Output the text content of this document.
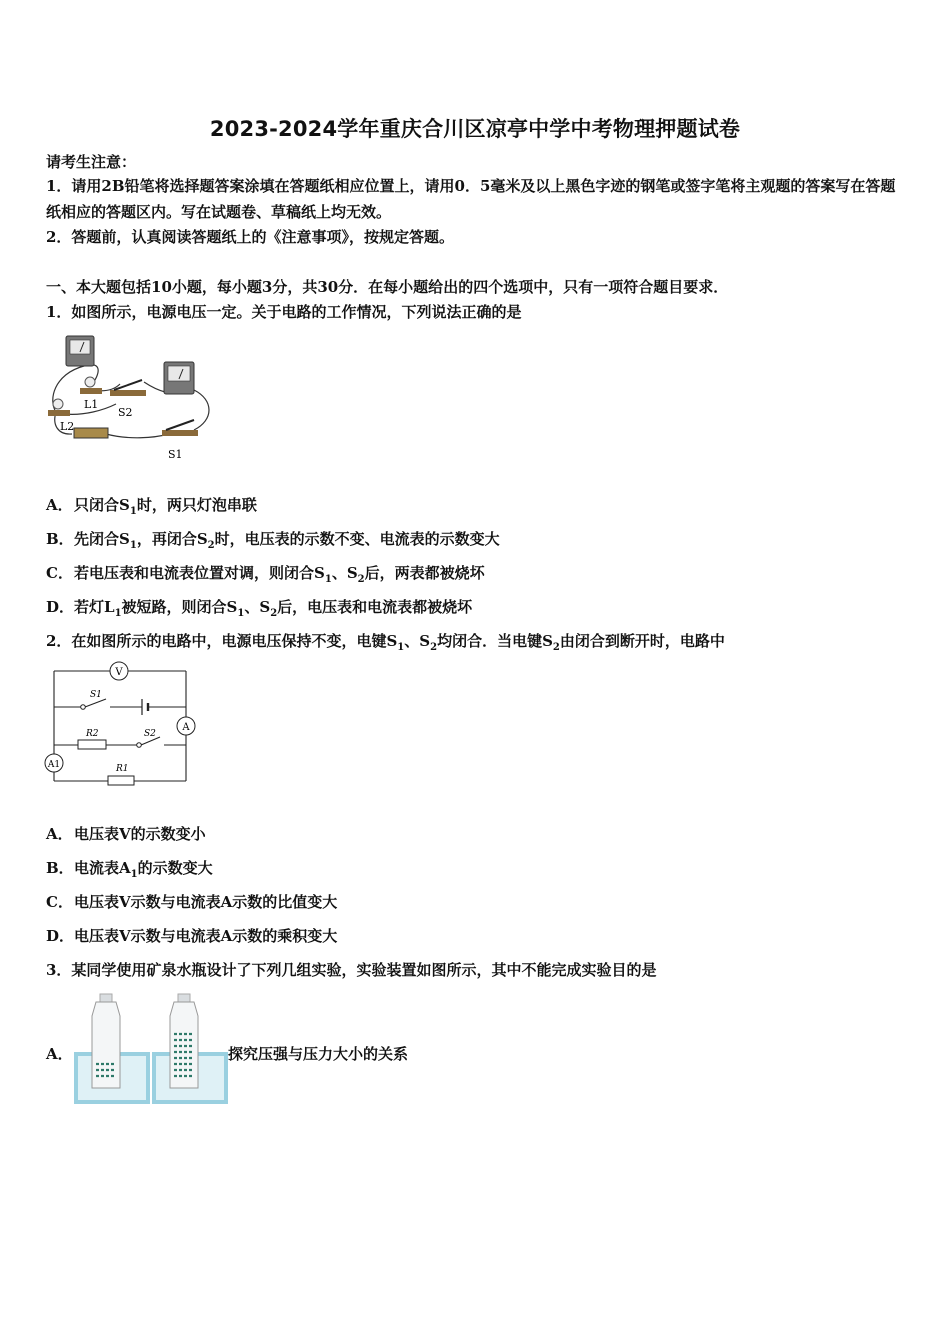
2023-2024学年重庆合川区凉亭中学中考物理押题试卷
请考生注意：
1．请用2B铅笔将选择题答案涂填在答题纸相应位置上，请用0．5毫米及以上黑色字迹的钢笔或签字笔将主观题的答案写在答题纸相应的答题区内。写在试题卷、草稿纸上均无效。
2．答题前，认真阅读答题纸上的《注意事项》，按规定答题。
一、本大题包括10小题，每小题3分，共30分．在每小题给出的四个选项中，只有一项符合题目要求．
1．如图所示，电源电压一定。关于电路的工作情况，下列说法正确的是
L1
L2
S2
S1
A．只闭合$S_1$时，两只灯泡串联
B．先闭合$S_1$，再闭合$S_2$时，电压表的示数不变、电流表的示数变大
C．若电压表和电流表位置对调，则闭合$S_1$、$S_2$后，两表都被烧坏
D．若灯$L_1$被短路，则闭合$S_1$、$S_2$后，电压表和电流表都被烧坏
2．在如图所示的电路中，电源电压保持不变，电键$S_1$、$S_2$均闭合．当电键$S_2$由闭合到断开时，电路中
V
A
A1
S1
S2
R2
R1
A．电压表V的示数变小
B．电流表$A_1$的示数变大
C．电压表V示数与电流表A示数的比值变大
D．电压表V示数与电流表A示数的乘积变大
3．某同学使用矿泉水瓶设计了下列几组实验，实验装置如图所示，其中不能完成实验目的是
A．	探究压强与压力大小的关系
